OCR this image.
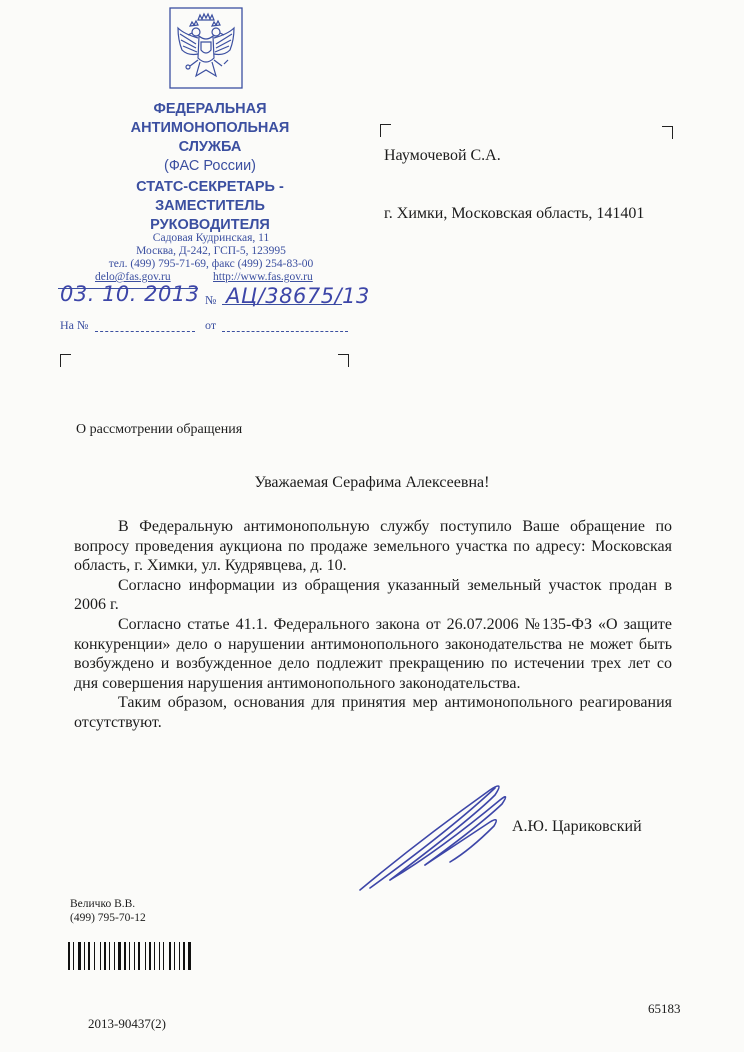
ФЕДЕРАЛЬНАЯ
АНТИМОНОПОЛЬНАЯ
СЛУЖБА
(ФАС России)
СТАТС-СЕКРЕТАРЬ -
ЗАМЕСТИТЕЛЬ
РУКОВОДИТЕЛЯ
Садовая Кудринская, 11
Москва, Д-242, ГСП-5, 123995
тел. (499) 795-71-69, факс (499) 254-83-00
delo@fas.gov.ru	http://www.fas.gov.ru
03. 10. 2013 № АЦ/38675/13
На №	от
Наумочевой С.А.
г. Химки, Московская область, 141401
О рассмотрении обращения
Уважаемая Серафима Алексеевна!

В Федеральную антимонопольную службу поступило Ваше обращение по вопросу проведения аукциона по продаже земельного участка по адресу: Московская область, г. Химки, ул. Кудрявцева, д. 10.

Согласно информации из обращения указанный земельный участок продан в 2006 г.

Согласно статье 41.1. Федерального закона от 26.07.2006 №135-ФЗ «О защите конкуренции» дело о нарушении антимонопольного законодательства не может быть возбуждено и возбужденное дело подлежит прекращению по истечении трех лет со дня совершения нарушения антимонопольного законодательства.

Таким образом, основания для принятия мер антимонопольного реагирования отсутствуют.

А.Ю. Цариковский
Величко В.В.
(499) 795-70-12
2013-90437(2)
65183
